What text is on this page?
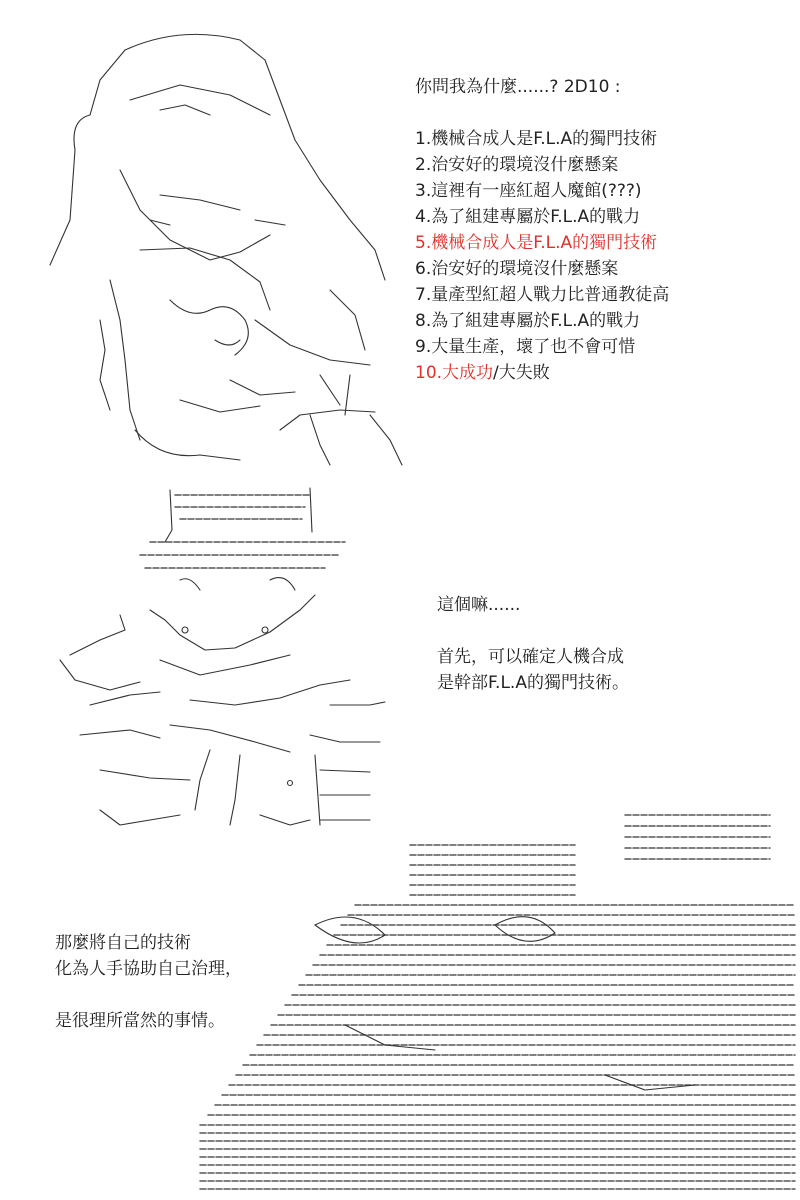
你問我為什麼......? 2D10 :

1.機械合成人是F.L.A的獨門技術

2.治安好的環境沒什麼懸案

3.這裡有一座紅超人魔館(???)

4.為了組建專屬於F.L.A的戰力

5.機械合成人是F.L.A的獨門技術

6.治安好的環境沒什麼懸案

7.量產型紅超人戰力比普通教徒高

8.為了組建專屬於F.L.A的戰力

9.大量生產，壞了也不會可惜

10.大成功/大失敗

這個嘛......

首先，可以確定人機合成

是幹部F.L.A的獨門技術。

那麼將自己的技術

化為人手協助自己治理，

是很理所當然的事情。
